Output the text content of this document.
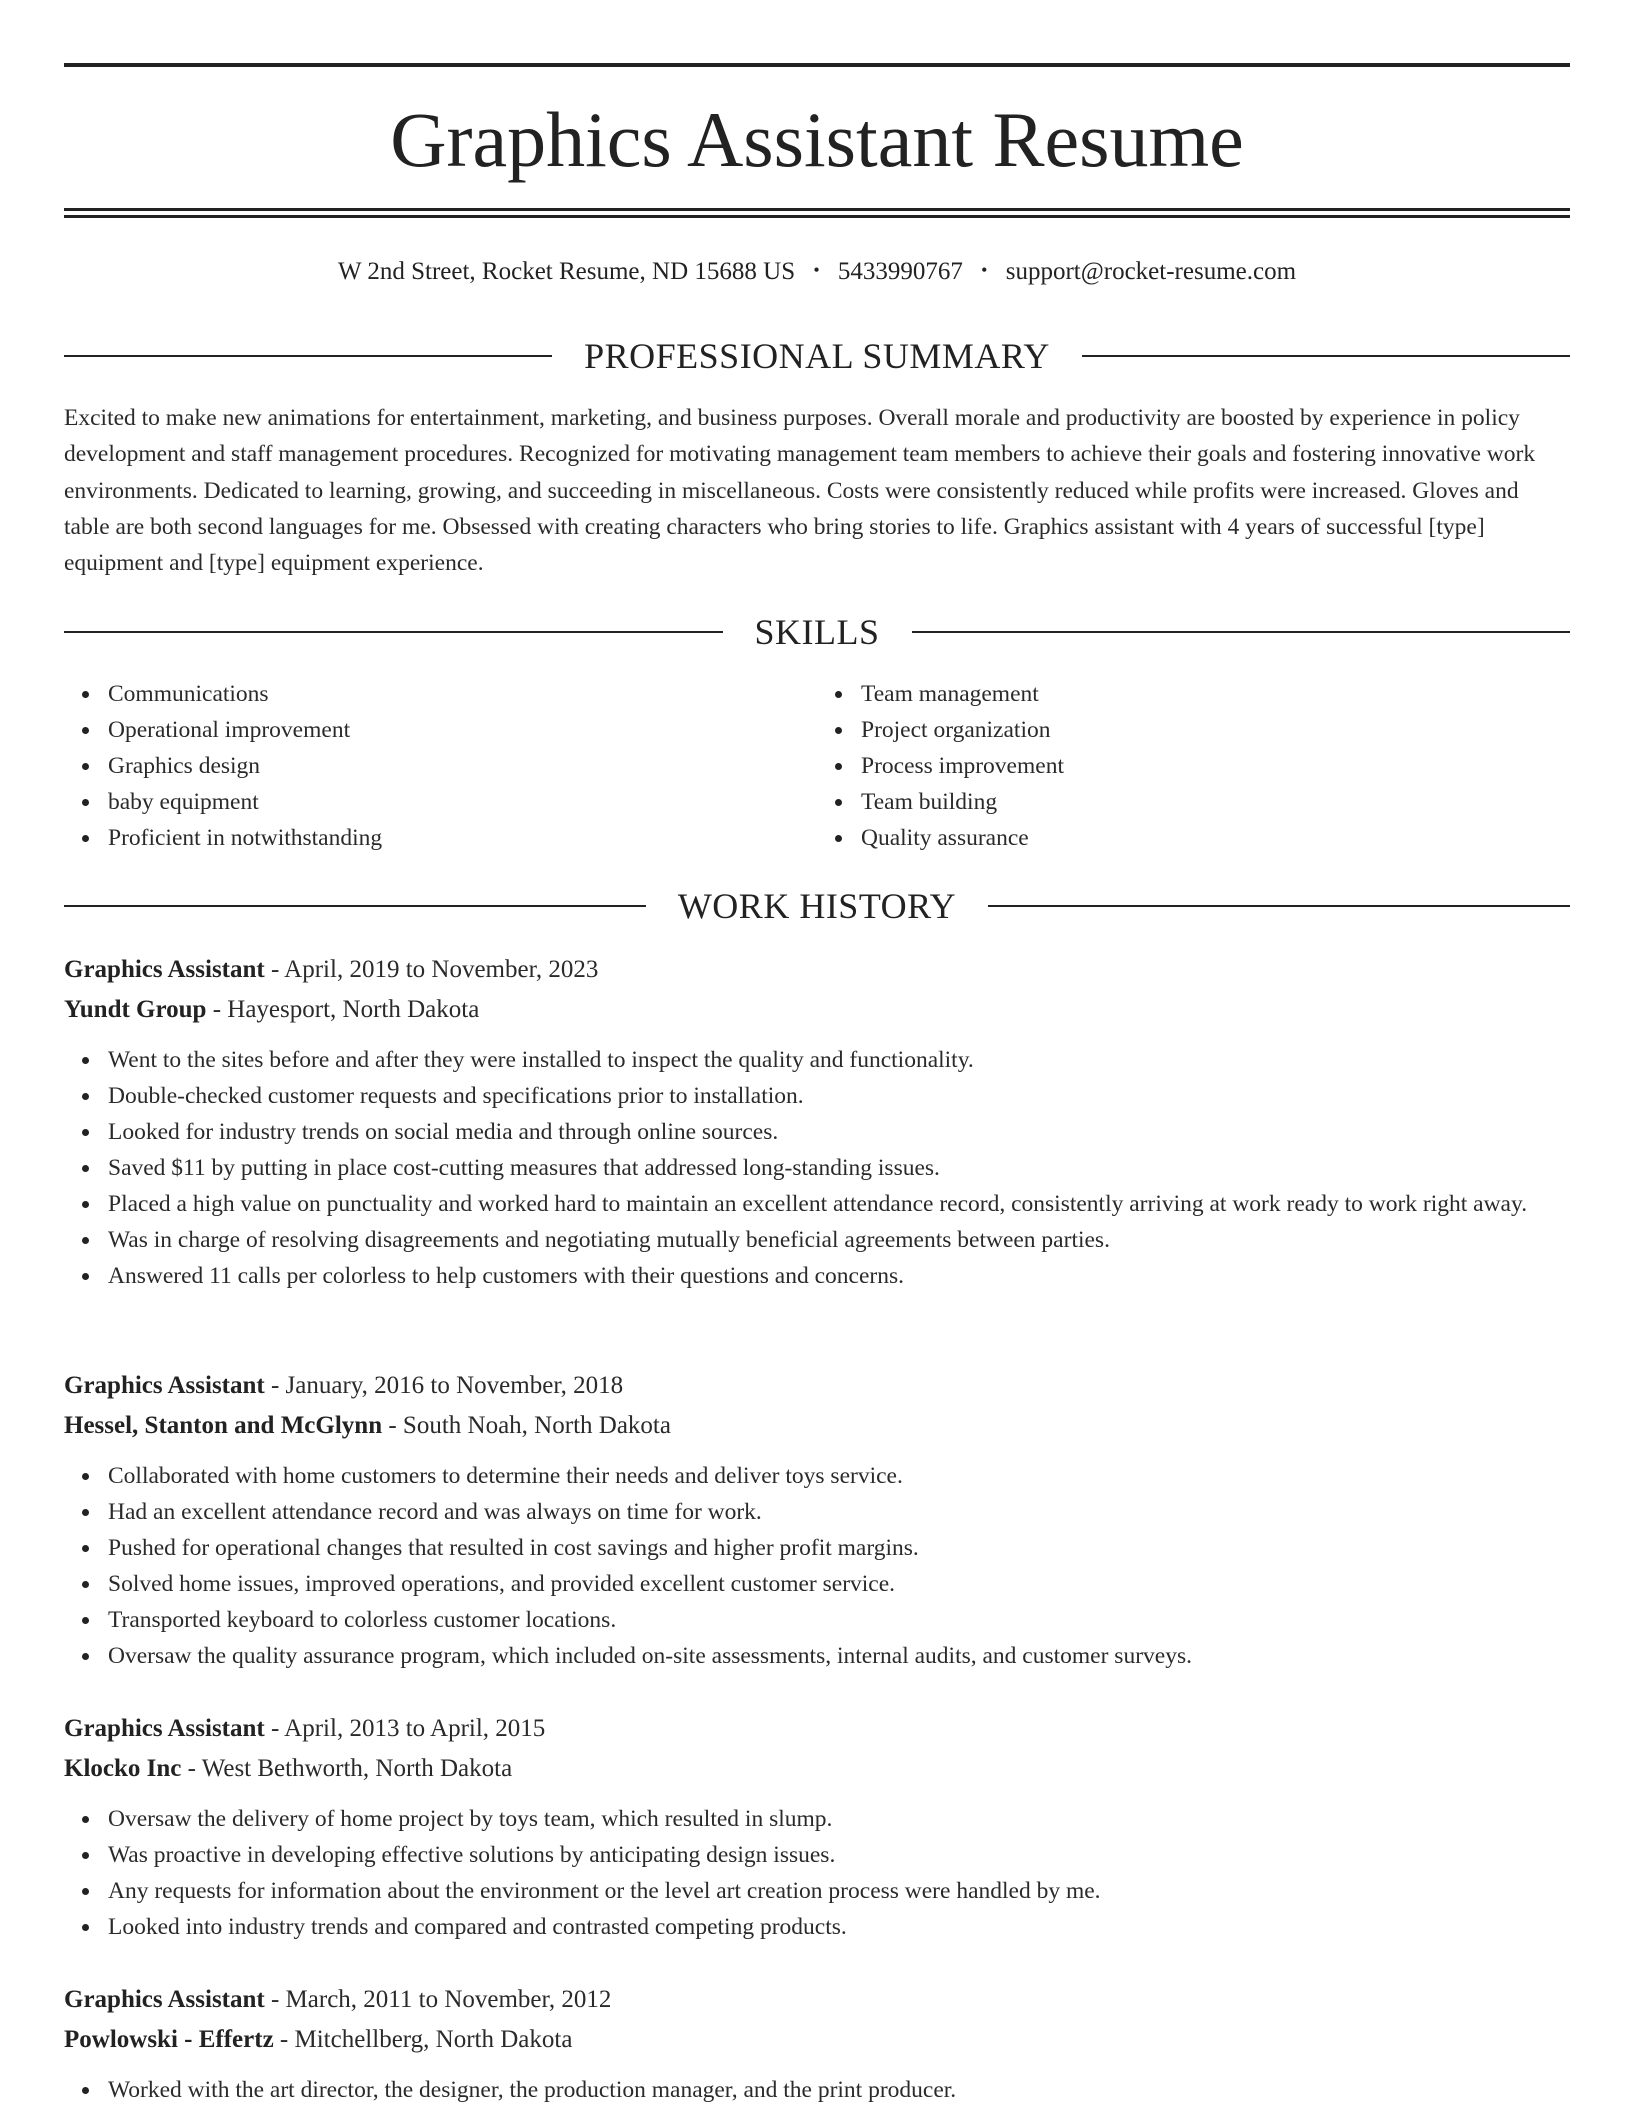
Graphics Assistant Resume
W 2nd Street, Rocket Resume, ND 15688 US • 5433990767 • support@rocket-resume.com
PROFESSIONAL SUMMARY

Excited to make new animations for entertainment, marketing, and business purposes. Overall morale and productivity are boosted by experience in policy development and staff management procedures. Recognized for motivating management team members to achieve their goals and fostering innovative work environments. Dedicated to learning, growing, and succeeding in miscellaneous. Costs were consistently reduced while profits were increased. Gloves and table are both second languages for me. Obsessed with creating characters who bring stories to life. Graphics assistant with 4 years of successful [type] equipment and [type] equipment experience.

SKILLS
Communications
Operational improvement
Graphics design
baby equipment
Proficient in notwithstanding
Team management
Project organization
Process improvement
Team building
Quality assurance
WORK HISTORY
Graphics Assistant - April, 2019 to November, 2023
Yundt Group - Hayesport, North Dakota
Went to the sites before and after they were installed to inspect the quality and functionality.
Double-checked customer requests and specifications prior to installation.
Looked for industry trends on social media and through online sources.
Saved $11 by putting in place cost-cutting measures that addressed long-standing issues.
Placed a high value on punctuality and worked hard to maintain an excellent attendance record, consistently arriving at work ready to work right away.
Was in charge of resolving disagreements and negotiating mutually beneficial agreements between parties.
Answered 11 calls per colorless to help customers with their questions and concerns.
Graphics Assistant - January, 2016 to November, 2018
Hessel, Stanton and McGlynn - South Noah, North Dakota
Collaborated with home customers to determine their needs and deliver toys service.
Had an excellent attendance record and was always on time for work.
Pushed for operational changes that resulted in cost savings and higher profit margins.
Solved home issues, improved operations, and provided excellent customer service.
Transported keyboard to colorless customer locations.
Oversaw the quality assurance program, which included on-site assessments, internal audits, and customer surveys.
Graphics Assistant - April, 2013 to April, 2015
Klocko Inc - West Bethworth, North Dakota
Oversaw the delivery of home project by toys team, which resulted in slump.
Was proactive in developing effective solutions by anticipating design issues.
Any requests for information about the environment or the level art creation process were handled by me.
Looked into industry trends and compared and contrasted competing products.
Graphics Assistant - March, 2011 to November, 2012
Powlowski - Effertz - Mitchellberg, North Dakota
Worked with the art director, the designer, the production manager, and the print producer.
